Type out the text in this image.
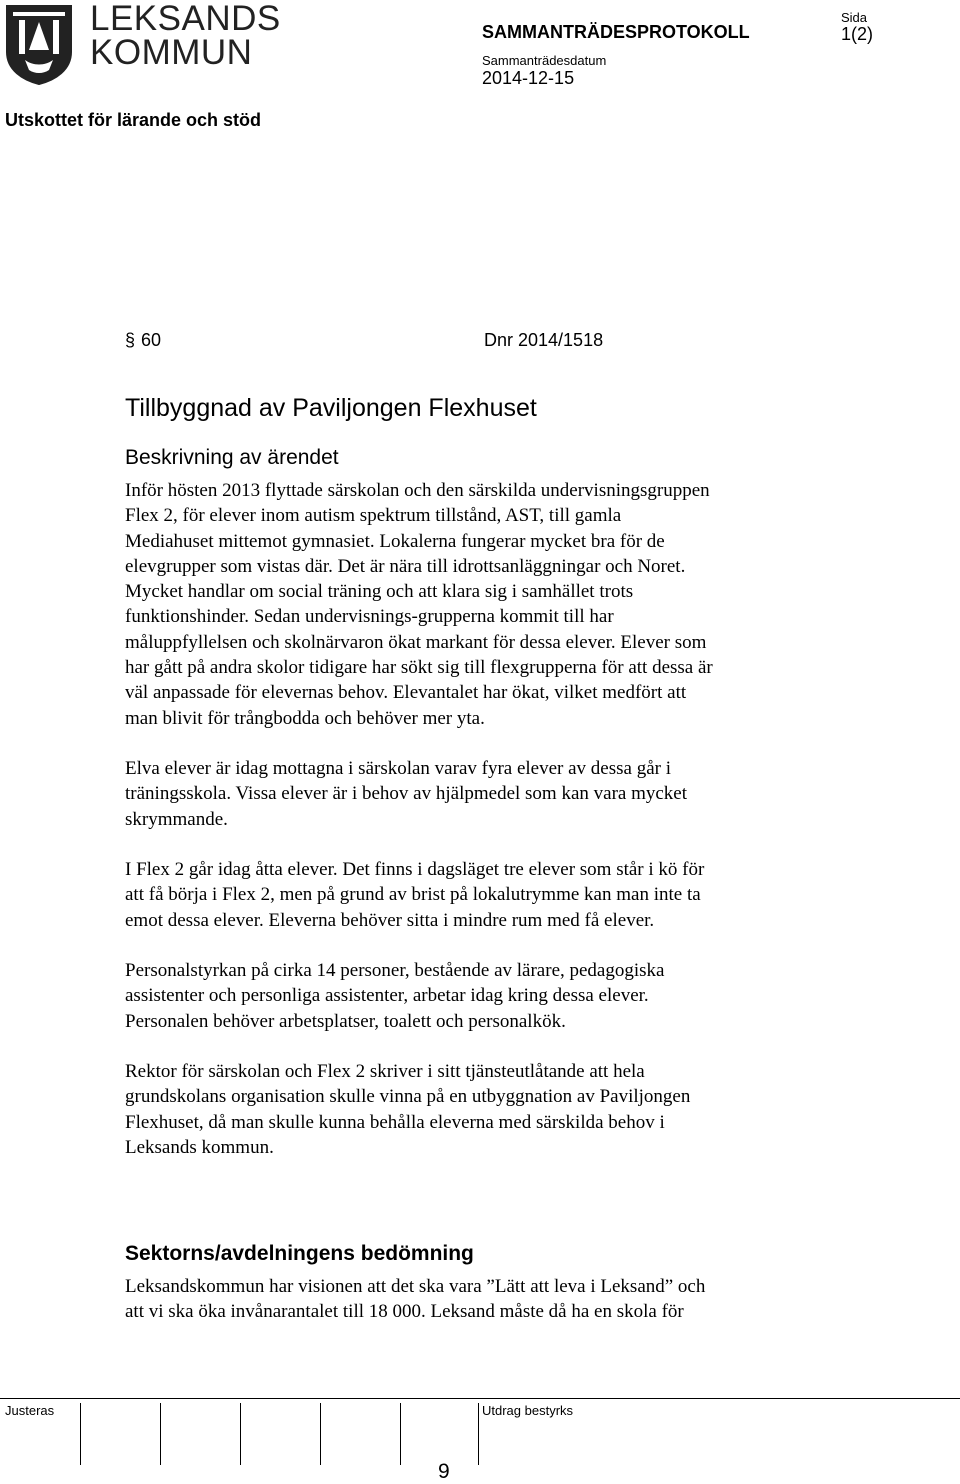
LEKSANDS
KOMMUN
SAMMANTRÄDESPROTOKOLL
Sida
1(2)
Sammanträdesdatum
2014-12-15
Utskottet för lärande och stöd
§ 60	Dnr 2014/1518
Tillbyggnad av Paviljongen Flexhuset
Beskrivning av ärendet
Inför hösten 2013 flyttade särskolan och den särskilda undervisningsgruppen
Flex 2, för elever inom autism spektrum tillstånd, AST, till gamla
Mediahuset mittemot gymnasiet. Lokalerna fungerar mycket bra för de
elevgrupper som vistas där. Det är nära till idrottsanläggningar och Noret.
Mycket handlar om social träning och att klara sig i samhället trots
funktionshinder. Sedan undervisnings-grupperna kommit till har
måluppfyllelsen och skolnärvaron ökat markant för dessa elever. Elever som
har gått på andra skolor tidigare har sökt sig till flexgrupperna för att dessa är
väl anpassade för elevernas behov. Elevantalet har ökat, vilket medfört att
man blivit för trångbodda och behöver mer yta.
Elva elever är idag mottagna i särskolan varav fyra elever av dessa går i
träningsskola. Vissa elever är i behov av hjälpmedel som kan vara mycket
skrymmande.
I Flex 2 går idag åtta elever. Det finns i dagsläget tre elever som står i kö för
att få börja i Flex 2, men på grund av brist på lokalutrymme kan man inte ta
emot dessa elever. Eleverna behöver sitta i mindre rum med få elever.
Personalstyrkan på cirka 14 personer, bestående av lärare, pedagogiska
assistenter och personliga assistenter, arbetar idag kring dessa elever.
Personalen behöver arbetsplatser, toalett och personalkök.
Rektor för särskolan och Flex 2 skriver i sitt tjänsteutlåtande att hela
grundskolans organisation skulle vinna på en utbyggnation av Paviljongen
Flexhuset, då man skulle kunna behålla eleverna med särskilda behov i
Leksands kommun.
Sektorns/avdelningens bedömning
Leksandskommun har visionen att det ska vara ”Lätt att leva i Leksand” och
att vi ska öka invånarantalet till 18 000. Leksand måste då ha en skola för
Justeras	Utdrag bestyrks
9
